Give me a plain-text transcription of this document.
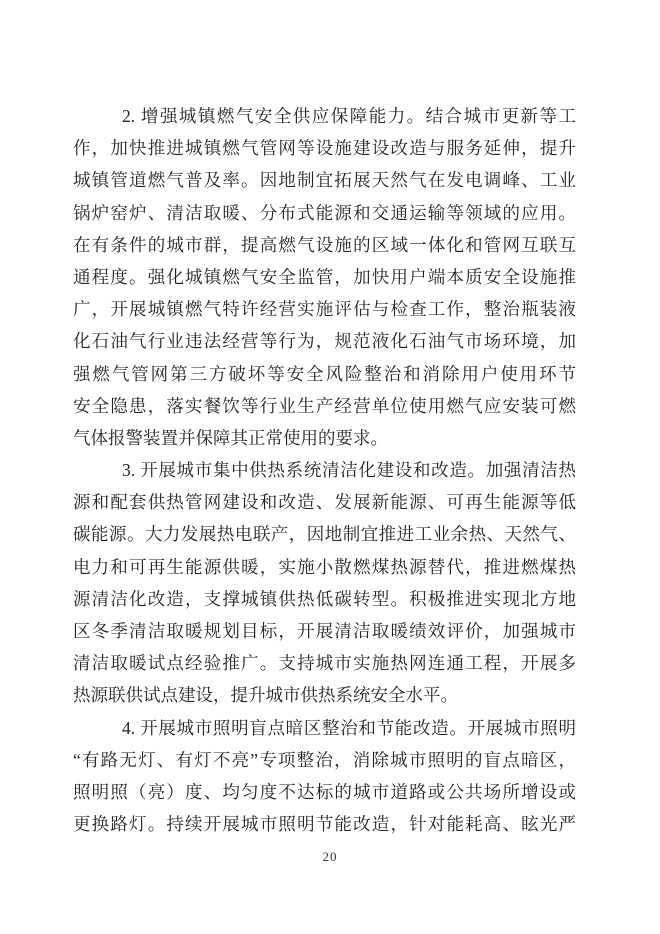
2. 增强城镇燃气安全供应保障能力。结合城市更新等工
作，加快推进城镇燃气管网等设施建设改造与服务延伸，提升
城镇管道燃气普及率。因地制宜拓展天然气在发电调峰、工业
锅炉窑炉、清洁取暖、分布式能源和交通运输等领域的应用。
在有条件的城市群，提高燃气设施的区域一体化和管网互联互
通程度。强化城镇燃气安全监管，加快用户端本质安全设施推
广，开展城镇燃气特许经营实施评估与检查工作，整治瓶装液
化石油气行业违法经营等行为，规范液化石油气市场环境，加
强燃气管网第三方破坏等安全风险整治和消除用户使用环节
安全隐患，落实餐饮等行业生产经营单位使用燃气应安装可燃
气体报警装置并保障其正常使用的要求。
3. 开展城市集中供热系统清洁化建设和改造。加强清洁热
源和配套供热管网建设和改造、发展新能源、可再生能源等低
碳能源。大力发展热电联产，因地制宜推进工业余热、天然气、
电力和可再生能源供暖，实施小散燃煤热源替代，推进燃煤热
源清洁化改造，支撑城镇供热低碳转型。积极推进实现北方地
区冬季清洁取暖规划目标，开展清洁取暖绩效评价，加强城市
清洁取暖试点经验推广。支持城市实施热网连通工程，开展多
热源联供试点建设，提升城市供热系统安全水平。
4. 开展城市照明盲点暗区整治和节能改造。开展城市照明
“有路无灯、有灯不亮”专项整治，消除城市照明的盲点暗区，
照明照（亮）度、均匀度不达标的城市道路或公共场所增设或
更换路灯。持续开展城市照明节能改造，针对能耗高、眩光严
20
